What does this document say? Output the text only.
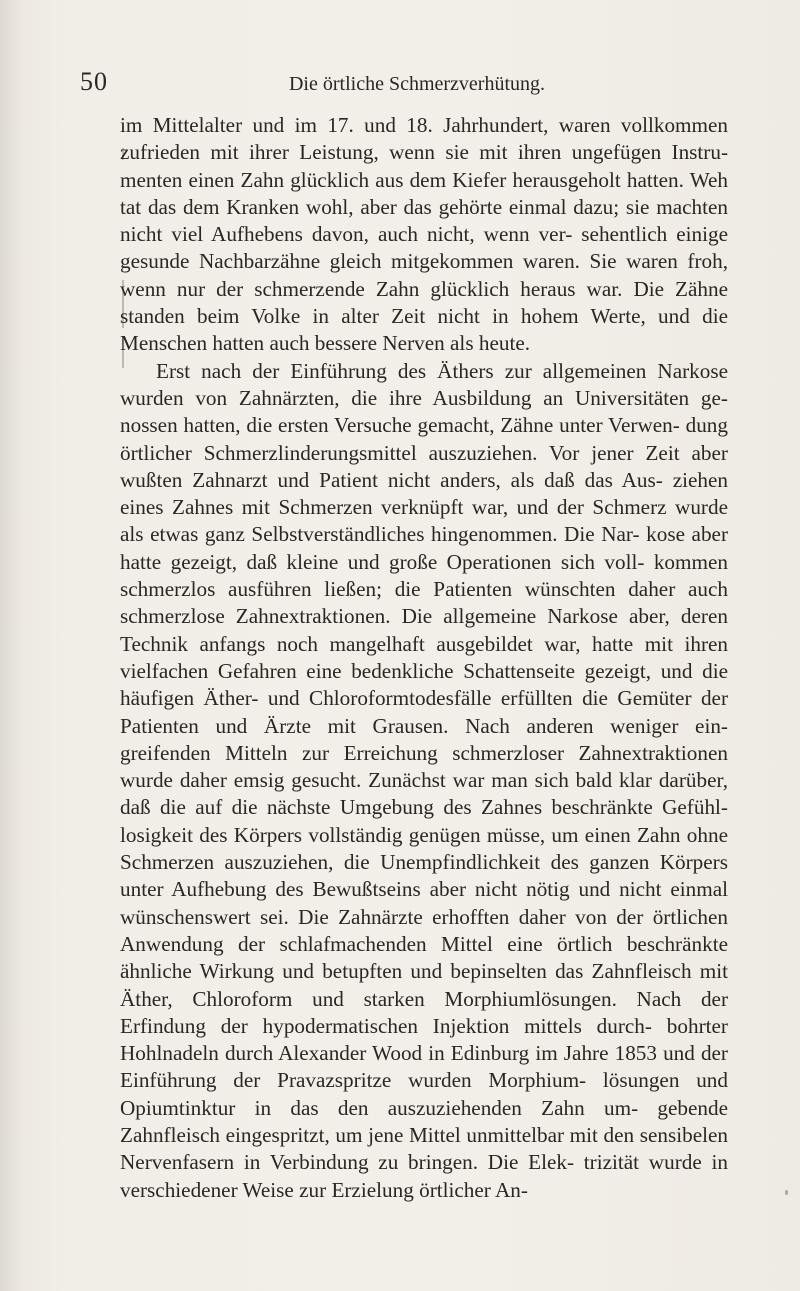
50	Die örtliche Schmerzverhütung.

im Mittelalter und im 17. und 18. Jahrhundert, waren vollkommen zufrieden mit ihrer Leistung, wenn sie mit ihren ungefügen Instru- menten einen Zahn glücklich aus dem Kiefer herausgeholt hatten. Weh tat das dem Kranken wohl, aber das gehörte einmal dazu; sie machten nicht viel Aufhebens davon, auch nicht, wenn ver- sehentlich einige gesunde Nachbarzähne gleich mitgekommen waren. Sie waren froh, wenn nur der schmerzende Zahn glücklich heraus war. Die Zähne standen beim Volke in alter Zeit nicht in hohem Werte, und die Menschen hatten auch bessere Nerven als heute.

Erst nach der Einführung des Äthers zur allgemeinen Narkose wurden von Zahnärzten, die ihre Ausbildung an Universitäten ge- nossen hatten, die ersten Versuche gemacht, Zähne unter Verwen- dung örtlicher Schmerzlinderungsmittel auszuziehen. Vor jener Zeit aber wußten Zahnarzt und Patient nicht anders, als daß das Aus- ziehen eines Zahnes mit Schmerzen verknüpft war, und der Schmerz wurde als etwas ganz Selbstverständliches hingenommen. Die Nar- kose aber hatte gezeigt, daß kleine und große Operationen sich voll- kommen schmerzlos ausführen ließen; die Patienten wünschten daher auch schmerzlose Zahnextraktionen. Die allgemeine Narkose aber, deren Technik anfangs noch mangelhaft ausgebildet war, hatte mit ihren vielfachen Gefahren eine bedenkliche Schattenseite gezeigt, und die häufigen Äther- und Chloroformtodesfälle erfüllten die Gemüter der Patienten und Ärzte mit Grausen. Nach anderen weniger ein- greifenden Mitteln zur Erreichung schmerzloser Zahnextraktionen wurde daher emsig gesucht. Zunächst war man sich bald klar darüber, daß die auf die nächste Umgebung des Zahnes beschränkte Gefühl- losigkeit des Körpers vollständig genügen müsse, um einen Zahn ohne Schmerzen auszuziehen, die Unempfindlichkeit des ganzen Körpers unter Aufhebung des Bewußtseins aber nicht nötig und nicht einmal wünschenswert sei. Die Zahnärzte erhofften daher von der örtlichen Anwendung der schlafmachenden Mittel eine örtlich beschränkte ähnliche Wirkung und betupften und bepinselten das Zahnfleisch mit Äther, Chloroform und starken Morphiumlösungen. Nach der Erfindung der hypodermatischen Injektion mittels durch- bohrter Hohlnadeln durch Alexander Wood in Edinburg im Jahre 1853 und der Einführung der Pravazspritze wurden Morphium- lösungen und Opiumtinktur in das den auszuziehenden Zahn um- gebende Zahnfleisch eingespritzt, um jene Mittel unmittelbar mit den sensibelen Nervenfasern in Verbindung zu bringen. Die Elek- trizität wurde in verschiedener Weise zur Erzielung örtlicher An-
